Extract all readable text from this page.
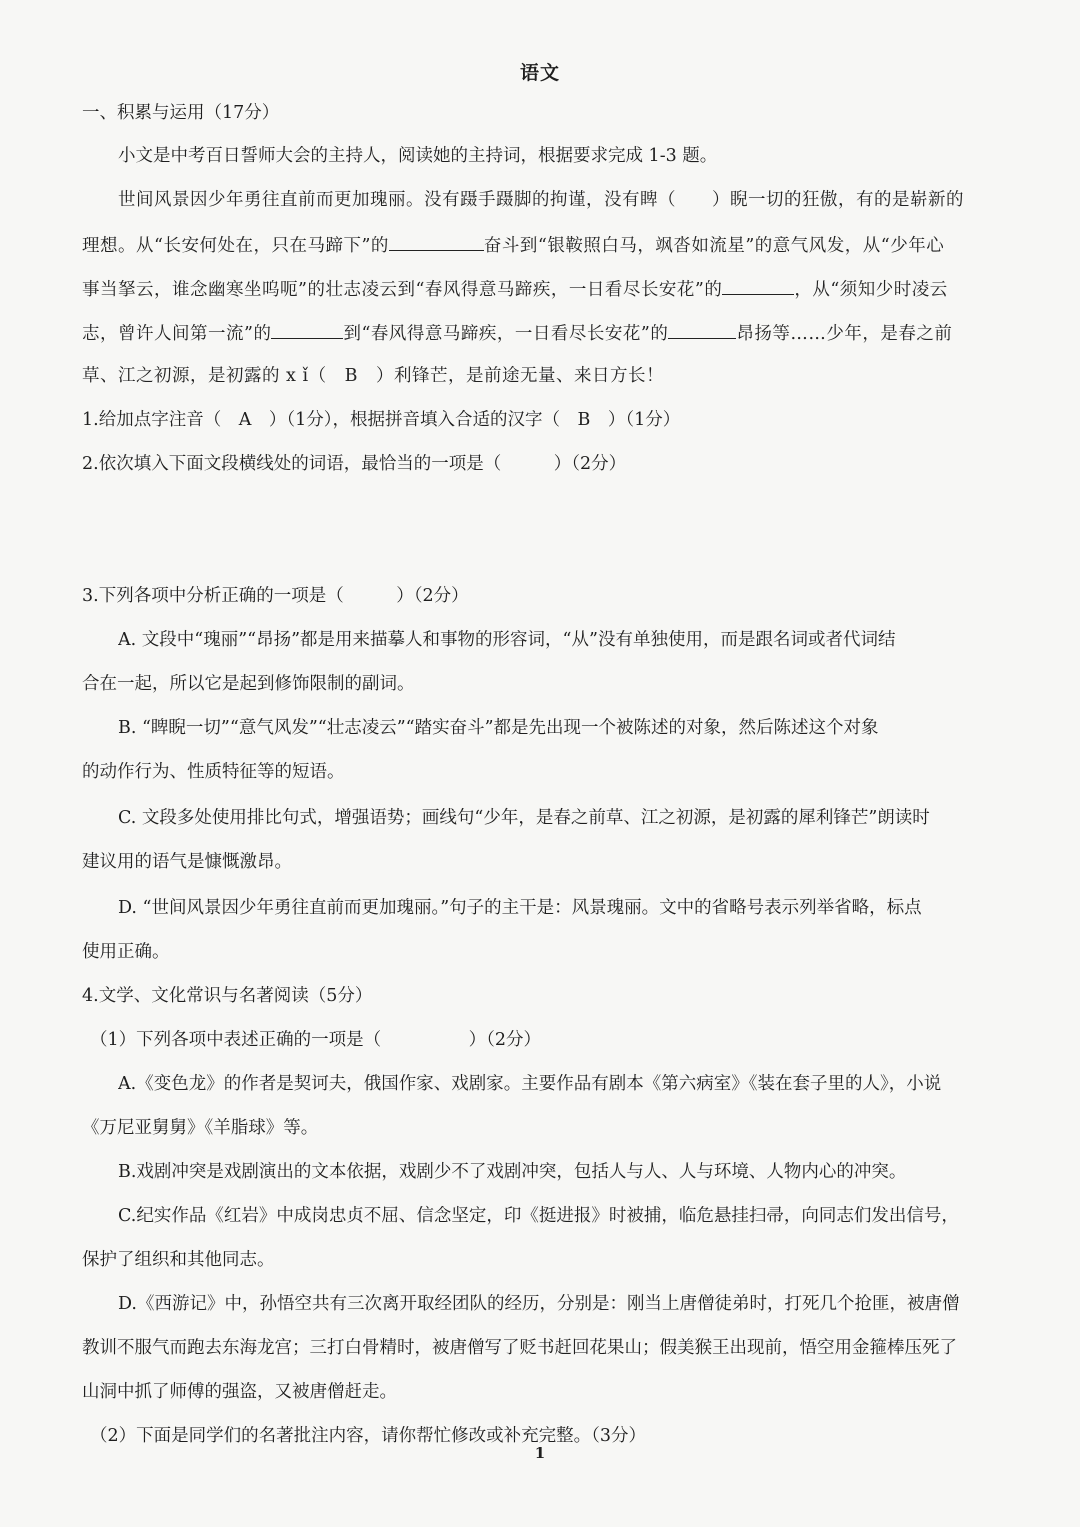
语文
一、积累与运用（17分）
小文是中考百日誓师大会的主持人，阅读她的主持词，根据要求完成 1-3 题。
世间风景因少年勇往直前而更加瑰丽。没有蹑手蹑脚的拘谨，没有睥（　　）睨一切的狂傲，有的是崭新的
理想。从“长安何处在，只在马蹄下”的	奋斗到“银鞍照白马，飒沓如流星”的意气风发，从“少年心
事当拏云，谁念幽寒坐呜呃”的壮志凌云到“春风得意马蹄疾，一日看尽长安花”的	，从“须知少时凌云
志，曾许人间第一流”的	到“春风得意马蹄疾，一日看尽长安花”的	昂扬等……少年，是春之前
草、江之初源，是初露的 x ǐ（　B　）利锋芒，是前途无量、来日方长！
1.给加点字注音（　A　）（1分），根据拼音填入合适的汉字（　B　）（1分）
2.依次填入下面文段横线处的词语，最恰当的一项是（　　　）（2分）
3.下列各项中分析正确的一项是（　　　）（2分）
A. 文段中“瑰丽”“昂扬”都是用来描摹人和事物的形容词，“从”没有单独使用，而是跟名词或者代词结
合在一起，所以它是起到修饰限制的副词。
B. “睥睨一切”“意气风发”“壮志凌云”“踏实奋斗”都是先出现一个被陈述的对象，然后陈述这个对象
的动作行为、性质特征等的短语。
C. 文段多处使用排比句式，增强语势；画线句“少年，是春之前草、江之初源，是初露的犀利锋芒”朗读时
建议用的语气是慷慨激昂。
D. “世间风景因少年勇往直前而更加瑰丽。”句子的主干是：风景瑰丽。文中的省略号表示列举省略，标点
使用正确。
4.文学、文化常识与名著阅读（5分）
（1）下列各项中表述正确的一项是（　　　　　）（2分）
A.《变色龙》的作者是契诃夫，俄国作家、戏剧家。主要作品有剧本《第六病室》《装在套子里的人》，小说
《万尼亚舅舅》《羊脂球》等。
B.戏剧冲突是戏剧演出的文本依据，戏剧少不了戏剧冲突，包括人与人、人与环境、人物内心的冲突。
C.纪实作品《红岩》中成岗忠贞不屈、信念坚定，印《挺进报》时被捕，临危悬挂扫帚，向同志们发出信号，
保护了组织和其他同志。
D.《西游记》中，孙悟空共有三次离开取经团队的经历，分别是：刚当上唐僧徒弟时，打死几个抢匪，被唐僧
教训不服气而跑去东海龙宫；三打白骨精时，被唐僧写了贬书赶回花果山；假美猴王出现前，悟空用金箍棒压死了
山洞中抓了师傅的强盗，又被唐僧赶走。
（2）下面是同学们的名著批注内容，请你帮忙修改或补充完整。（3分）
1
